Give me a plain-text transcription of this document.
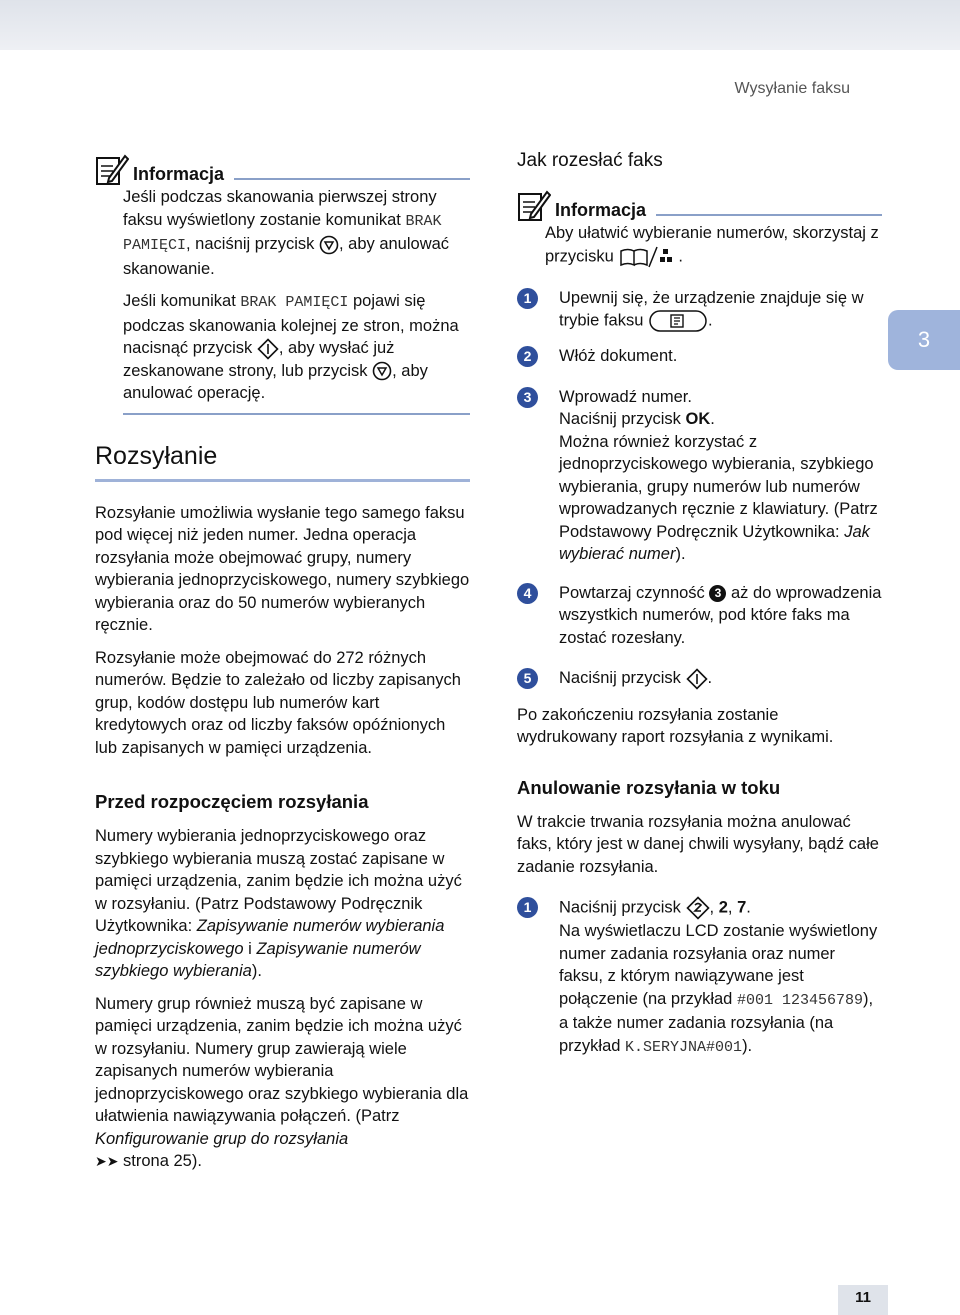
Wysyłanie faksu
Informacja

Jeśli podczas skanowania pierwszej strony faksu wyświetlony zostanie komunikat BRAK PAMIĘCI, naciśnij przycisk , aby anulować skanowanie.

Jeśli komunikat BRAK PAMIĘCI pojawi się podczas skanowania kolejnej ze stron, można nacisnąć przycisk , aby wysłać już zeskanowane strony, lub przycisk , aby anulować operację.

Rozsyłanie

Rozsyłanie umożliwia wysłanie tego samego faksu pod więcej niż jeden numer. Jedna operacja rozsyłania może obejmować grupy, numery wybierania jednoprzyciskowego, numery szybkiego wybierania oraz do 50 numerów wybieranych ręcznie.

Rozsyłanie może obejmować do 272 różnych numerów. Będzie to zależało od liczby zapisanych grup, kodów dostępu lub numerów kart kredytowych oraz od liczby faksów opóźnionych lub zapisanych w pamięci urządzenia.

Przed rozpoczęciem rozsyłania

Numery wybierania jednoprzyciskowego oraz szybkiego wybierania muszą zostać zapisane w pamięci urządzenia, zanim będzie ich można użyć w rozsyłaniu. (Patrz Podstawowy Podręcznik Użytkownika: Zapisywanie numerów wybierania jednoprzyciskowego i Zapisywanie numerów szybkiego wybierania).

Numery grup również muszą być zapisane w pamięci urządzenia, zanim będzie ich można użyć w rozsyłaniu. Numery grup zawierają wiele zapisanych numerów wybierania jednoprzyciskowego oraz szybkiego wybierania dla ułatwienia nawiązywania połączeń. (Patrz Konfigurowanie grup do rozsyłania
➤➤ strona 25).

Jak rozesłać faks
Informacja

Aby ułatwić wybieranie numerów, skorzystaj z przycisku	.

1	Upewnij się, że urządzenie znajduje się w trybie faksu	.
2	Włóż dokument.
3	Wprowadź numer.
Naciśnij przycisk OK.
Można również korzystać z jednoprzyciskowego wybierania, szybkiego wybierania, grupy numerów lub numerów wprowadzanych ręcznie z klawiatury. (Patrz Podstawowy Podręcznik Użytkownika: Jak wybierać numer).
4	Powtarzaj czynność 3 aż do wprowadzenia wszystkich numerów, pod które faks ma zostać rozesłany.
5	Naciśnij przycisk .

Po zakończeniu rozsyłania zostanie wydrukowany raport rozsyłania z wynikami.

Anulowanie rozsyłania w toku

W trakcie trwania rozsyłania można anulować faks, który jest w danej chwili wysyłany, bądź całe zadanie rozsyłania.

1	Naciśnij przycisk , 2, 7.
Na wyświetlaczu LCD zostanie wyświetlony numer zadania rozsyłania oraz numer faksu, z którym nawiązywane jest połączenie (na przykład #001 123456789), a także numer zadania rozsyłania (na przykład K.SERYJNA#001).
3
11
